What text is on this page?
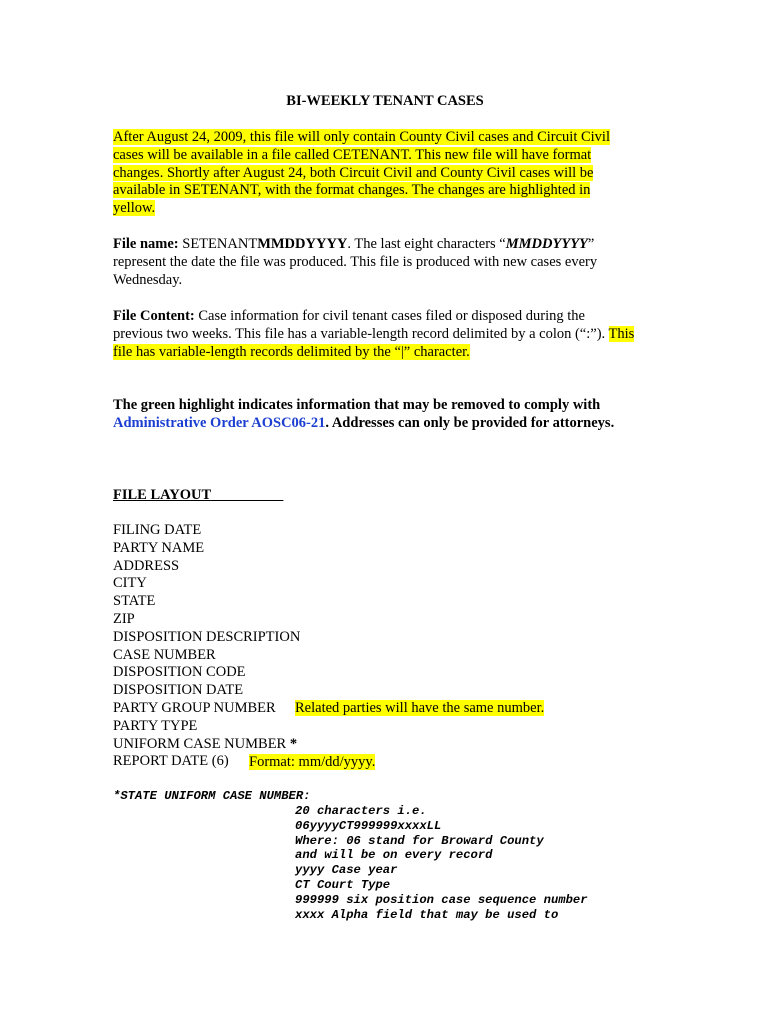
BI-WEEKLY TENANT CASES
After August 24, 2009, this file will only contain County Civil cases and Circuit Civil
cases will be available in a file called CETENANT. This new file will have format
changes. Shortly after August 24, both Circuit Civil and County Civil cases will be
available in SETENANT, with the format changes. The changes are highlighted in
yellow.
File name: SETENANTMMDDYYYY. The last eight characters “MMDDYYYY”
represent the date the file was produced. This file is produced with new cases every
Wednesday.
File Content: Case information for civil tenant cases filed or disposed during the
previous two weeks. This file has a variable-length record delimited by a colon (“:”). This
file has variable-length records delimited by the “|” character.
The green highlight indicates information that may be removed to comply with
Administrative Order AOSC06-21. Addresses can only be provided for attorneys.
FILE LAYOUT
FILING DATE
PARTY NAME
ADDRESS
CITY
STATE
ZIP
DISPOSITION DESCRIPTION
CASE NUMBER
DISPOSITION CODE
DISPOSITION DATE
PARTY GROUP NUMBER
PARTY TYPE
UNIFORM CASE NUMBER *
REPORT DATE (6)
Related parties will have the same number.
Format: mm/dd/yyyy.
*STATE UNIFORM CASE NUMBER:
20 characters i.e.
06yyyyCT999999xxxxLL
Where: 06 stand for Broward County
and will be on every record
yyyy Case year
CT Court Type
999999 six position case sequence number
xxxx Alpha field that may be used to
